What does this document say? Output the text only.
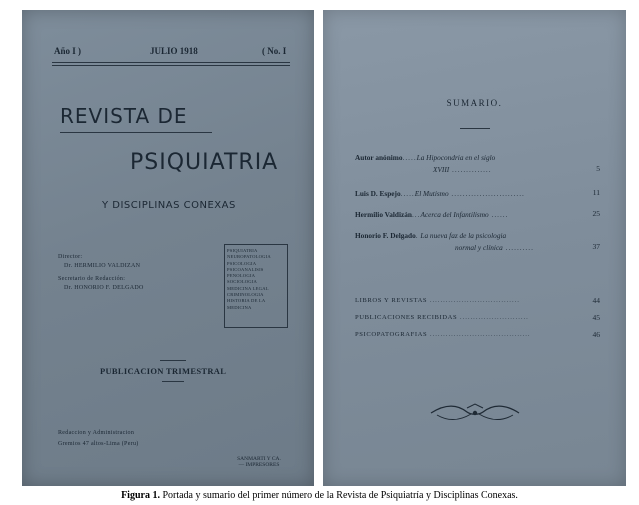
Año I )	JULIO 1918	( No. I
REVISTA DE
PSIQUIATRIA
Y DISCIPLINAS CONEXAS
Director:
Dr. HERMILIO VALDIZAN
Secretario de Redacción:
Dr. HONORIO F. DELGADO
PSIQUIATRIA
NEUROPATOLOGIA
PSICOLOGIA
PSICOANALISIS
PENOLOGIA
SOCIOLOGIA
MEDICINA LEGAL
CRIMINOLOGIA
HISTORIA DE LA
MEDICINA
PUBLICACION TRIMESTRAL
Redaccion y Administracion
Gremios 47 altos-Lima (Peru)
SANMARTI Y CA.
— IMPRESORES
SUMARIO.
Autor anónimo.....La Hipocondria en el siglo
XVIII ..............	5
Luis D. Espejo.....El Mutismo ..........................	11
Hermilio Valdizán...Acerca del Infantilismo ......	25
Honorio F. Delgado. La nueva faz de la psicologia
normal y clínica ..........	37
LIBROS Y REVISTAS ..................................	44
PUBLICACIONES RECIBIDAS ..........................	45
PSICOPATOGRAFIAS ......................................	46
Figura 1. Portada y sumario del primer número de la Revista de Psiquiatría y Disciplinas Conexas.
